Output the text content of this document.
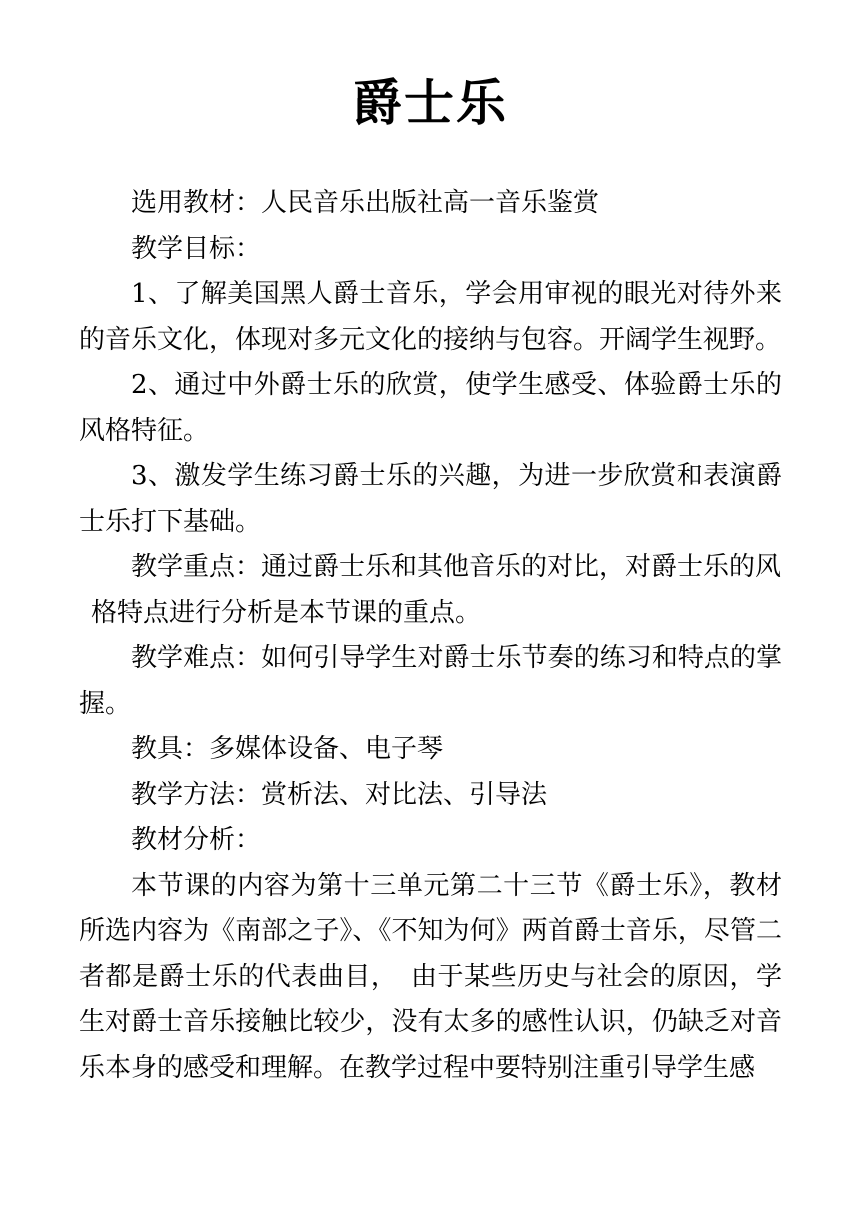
爵士乐

选用教材：人民音乐出版社高一音乐鉴赏

教学目标：

1、了解美国黑人爵士音乐，学会用审视的眼光对待外来的音乐文化，体现对多元文化的接纳与包容。开阔学生视野。

2、通过中外爵士乐的欣赏，使学生感受、体验爵士乐的风格特征。

3、激发学生练习爵士乐的兴趣，为进一步欣赏和表演爵士乐打下基础。

教学重点：通过爵士乐和其他音乐的对比，对爵士乐的风

格特点进行分析是本节课的重点。

教学难点：如何引导学生对爵士乐节奏的练习和特点的掌握。

教具：多媒体设备、电子琴

教学方法：赏析法、对比法、引导法

教材分析：

本节课的内容为第十三单元第二十三节《爵士乐》，教材所选内容为《南部之子》、《不知为何》两首爵士音乐，尽管二者都是爵士乐的代表曲目，　由于某些历史与社会的原因，学生对爵士音乐接触比较少，没有太多的感性认识，仍缺乏对音乐本身的感受和理解。在教学过程中要特别注重引导学生感
